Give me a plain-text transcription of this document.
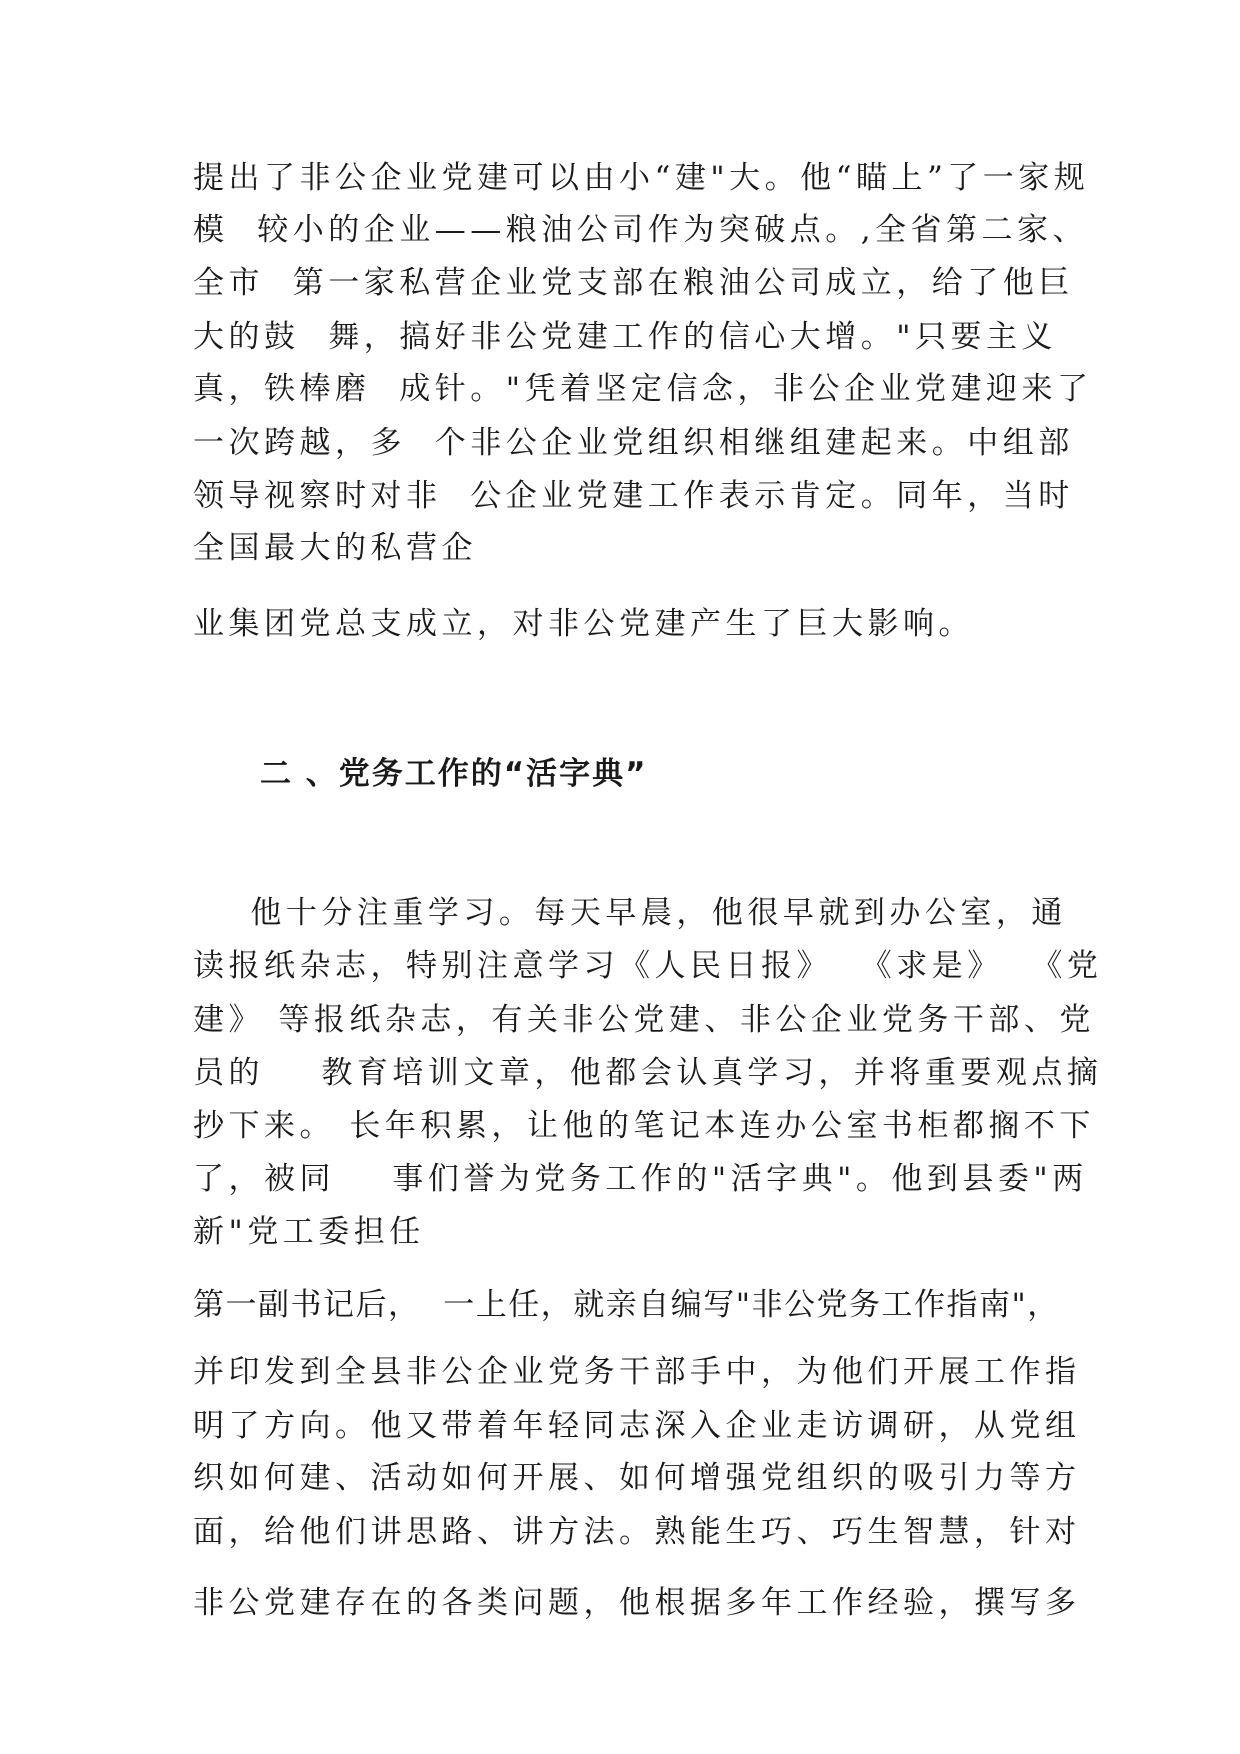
提出了非公企业党建可以由小“建"大。他“瞄上”了一家规
模  较小的企业——粮油公司作为突破点。,全省第二家、
全市  第一家私营企业党支部在粮油公司成立，给了他巨
大的鼓  舞，搞好非公党建工作的信心大增。"只要主义
真，铁棒磨  成针。"凭着坚定信念，非公企业党建迎来了
一次跨越，多  个非公企业党组织相继组建起来。中组部
领导视察时对非  公企业党建工作表示肯定。同年，当时
全国最大的私营企
业集团党总支成立，对非公党建产生了巨大影响。
二 、党务工作的“活字典”
他十分注重学习。每天早晨，他很早就到办公室，通
读报纸杂志，特别注意学习《人民日报》  《求是》  《党
建》 等报纸杂志，有关非公党建、非公企业党务干部、党
员的    教育培训文章，他都会认真学习，并将重要观点摘
抄下来。 长年积累，让他的笔记本连办公室书柜都搁不下
了，被同    事们誉为党务工作的"活字典"。他到县委"两
新"党工委担任
第一副书记后，  一上任，就亲自编写"非公党务工作指南"，
并印发到全县非公企业党务干部手中，为他们开展工作指
明了方向。他又带着年轻同志深入企业走访调研，从党组
织如何建、活动如何开展、如何增强党组织的吸引力等方
面，给他们讲思路、讲方法。熟能生巧、巧生智慧，针对
非公党建存在的各类问题，他根据多年工作经验，撰写多
